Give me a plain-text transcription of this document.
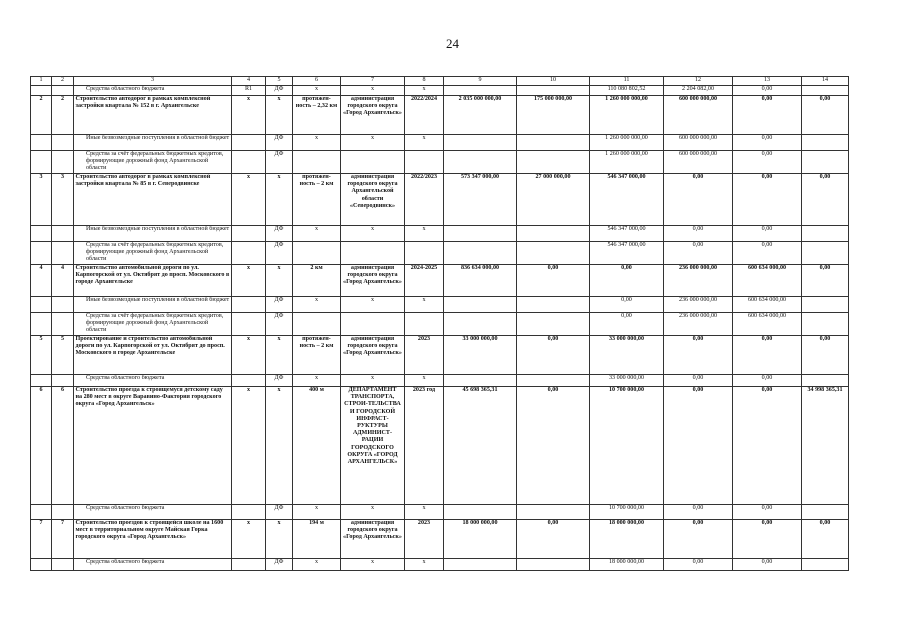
24
1	2	3	4	5	6	7	8	9	10	11	12	13	14
		Средства областного бюджета	R1	ДФ	x	x	x			110 080 802,52	2 204 082,00	0,00	
2	2	Строительство автодорог в рамках комплексной застройки квартала № 152 в г. Архангельске	x	x	протяжен-ность – 2,32 км	администрация городского округа «Город Архангельск»	2022/2024	2 035 000 000,00	175 000 000,00	1 260 000 000,00	600 000 000,00	0,00	0,00
		Иные безвозмездные поступления в областной бюджет		ДФ	x	x	x			1 260 000 000,00	600 000 000,00	0,00	
		Средства за счёт федеральных бюджетных кредитов, формирующие дорожный фонд Архангельской области		ДФ						1 260 000 000,00	600 000 000,00	0,00	
3	3	Строительство автодорог в рамках комплексной застройки квартала № 85 в г. Северодвинске	x	x	протяжен-ность – 2 км	администрация городского округа Архангельской области «Северодвинск»	2022/2023	573 347 000,00	27 000 000,00	546 347 000,00	0,00	0,00	0,00
		Иные безвозмездные поступления в областной бюджет		ДФ	x	x	x			546 347 000,00	0,00	0,00	
		Средства за счёт федеральных бюджетных кредитов, формирующие дорожный фонд Архангельской области		ДФ						546 347 000,00	0,00	0,00	
4	4	Строительство автомобильной дороги по ул. Карпогорской от ул. Октябрят до просп. Московского в городе Архангельске	x	x	2 км	администрация городского округа «Город Архангельск»	2024-2025	836 634 000,00	0,00	0,00	236 000 000,00	600 634 000,00	0,00
		Иные безвозмездные поступления в областной бюджет		ДФ	x	x	x			0,00	236 000 000,00	600 634 000,00	
		Средства за счёт федеральных бюджетных кредитов, формирующие дорожный фонд Архангельской области		ДФ						0,00	236 000 000,00	600 634 000,00	
5	5	Проектирование и строительство автомобильной дороги по ул. Карпогорской от ул. Октябрят до просп. Московского в городе Архангельске	x	x	протяжен-ность – 2 км	администрация городского округа «Город Архангельск»	2023	33 000 000,00	0,00	33 000 000,00	0,00	0,00	0,00
		Средства областного бюджета		ДФ	x	x	x			33 000 000,00	0,00	0,00	
6	6	Строительство проезда к строящемуся детскому саду на 280 мест в округе Варавино-Фактория городского округа «Город Архангельск»	x	x	400 м	ДЕПАРТАМЕНТ ТРАНСПОРТА, СТРОИ-ТЕЛЬСТВА И ГОРОДСКОЙ ИНФРАСТ-РУКТУРЫ АДМИНИСТ-РАЦИИ ГОРОДСКОГО ОКРУГА «ГОРОД АРХАНГЕЛЬСК»	2023 год	45 698 365,31	0,00	10 700 000,00	0,00	0,00	34 998 365,31
		Средства областного бюджета		ДФ	x	x	x			10 700 000,00	0,00	0,00	
7	7	Строительство проездов к строящейся школе на 1600 мест в территориальном округе Майская Горка городского округа «Город Архангельск»	x	x	194 м	администрация городского округа «Город Архангельск»	2023	18 000 000,00	0,00	18 000 000,00	0,00	0,00	0,00
		Средства областного бюджета		ДФ	x	x	x			18 000 000,00	0,00	0,00	
